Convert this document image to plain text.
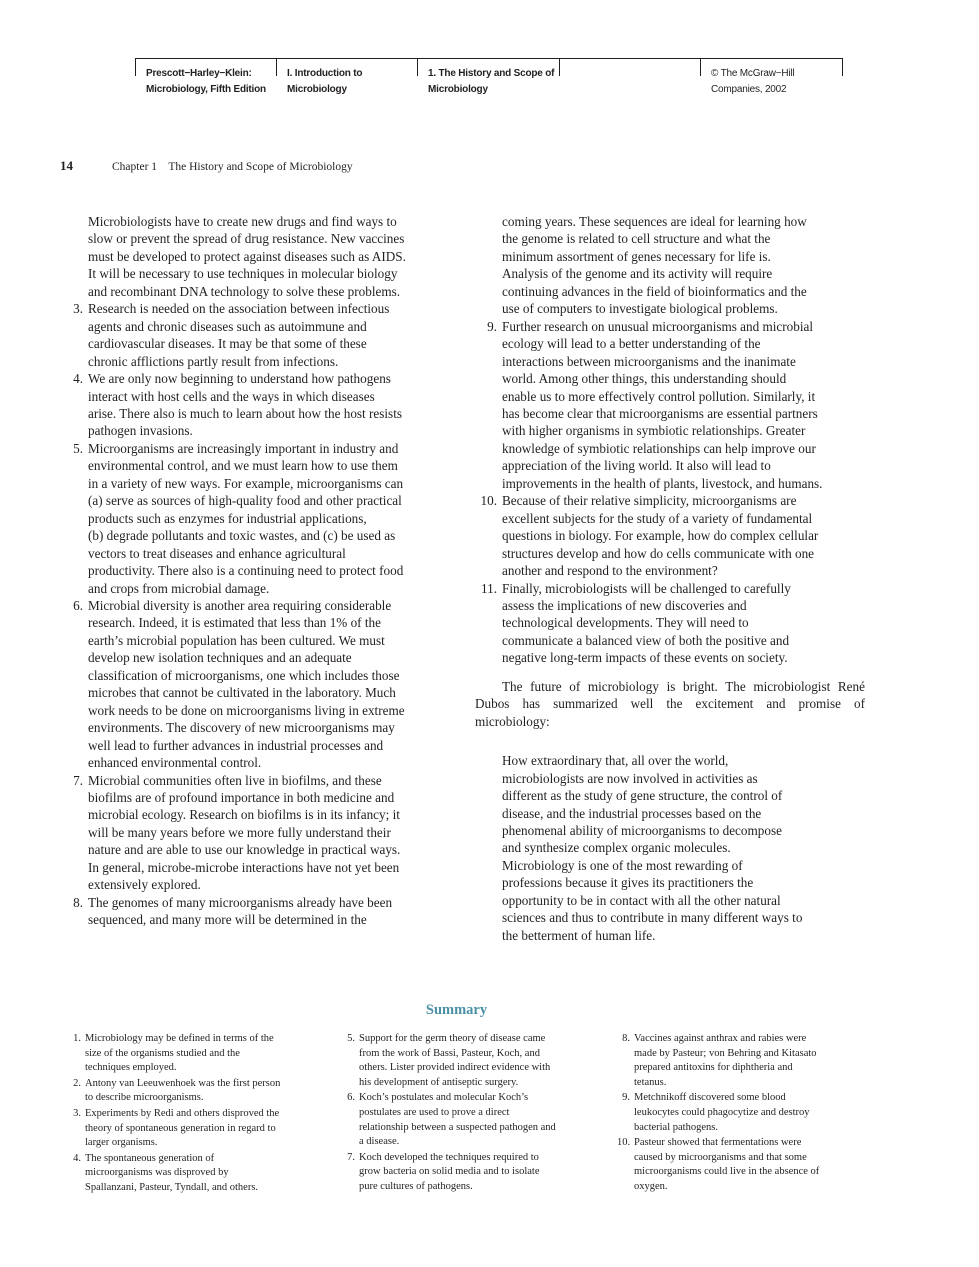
Prescott−Harley−Klein:
Microbiology, Fifth Edition
I. Introduction to
Microbiology
1. The History and Scope of
Microbiology
© The McGraw−Hill
Companies, 2002
14	Chapter 1    The History and Scope of Microbiology
Microbiologists have to create new drugs and find ways to
slow or prevent the spread of drug resistance. New vaccines
must be developed to protect against diseases such as AIDS.
It will be necessary to use techniques in molecular biology
and recombinant DNA technology to solve these problems.
3. Research is needed on the association between infectious
agents and chronic diseases such as autoimmune and
cardiovascular diseases. It may be that some of these
chronic afflictions partly result from infections.
4. We are only now beginning to understand how pathogens
interact with host cells and the ways in which diseases
arise. There also is much to learn about how the host resists
pathogen invasions.
5. Microorganisms are increasingly important in industry and
environmental control, and we must learn how to use them
in a variety of new ways. For example, microorganisms can
(a) serve as sources of high-quality food and other practical
products such as enzymes for industrial applications,
(b) degrade pollutants and toxic wastes, and (c) be used as
vectors to treat diseases and enhance agricultural
productivity. There also is a continuing need to protect food
and crops from microbial damage.
6. Microbial diversity is another area requiring considerable
research. Indeed, it is estimated that less than 1% of the
earth’s microbial population has been cultured. We must
develop new isolation techniques and an adequate
classification of microorganisms, one which includes those
microbes that cannot be cultivated in the laboratory. Much
work needs to be done on microorganisms living in extreme
environments. The discovery of new microorganisms may
well lead to further advances in industrial processes and
enhanced environmental control.
7. Microbial communities often live in biofilms, and these
biofilms are of profound importance in both medicine and
microbial ecology. Research on biofilms is in its infancy; it
will be many years before we more fully understand their
nature and are able to use our knowledge in practical ways.
In general, microbe-microbe interactions have not yet been
extensively explored.
8. The genomes of many microorganisms already have been
sequenced, and many more will be determined in the
coming years. These sequences are ideal for learning how
the genome is related to cell structure and what the
minimum assortment of genes necessary for life is.
Analysis of the genome and its activity will require
continuing advances in the field of bioinformatics and the
use of computers to investigate biological problems.
9. Further research on unusual microorganisms and microbial
ecology will lead to a better understanding of the
interactions between microorganisms and the inanimate
world. Among other things, this understanding should
enable us to more effectively control pollution. Similarly, it
has become clear that microorganisms are essential partners
with higher organisms in symbiotic relationships. Greater
knowledge of symbiotic relationships can help improve our
appreciation of the living world. It also will lead to
improvements in the health of plants, livestock, and humans.
10. Because of their relative simplicity, microorganisms are
excellent subjects for the study of a variety of fundamental
questions in biology. For example, how do complex cellular
structures develop and how do cells communicate with one
another and respond to the environment?
11. Finally, microbiologists will be challenged to carefully
assess the implications of new discoveries and
technological developments. They will need to
communicate a balanced view of both the positive and
negative long-term impacts of these events on society.

The future of microbiology is bright. The microbiologist René Dubos has summarized well the excitement and promise of microbiology:

How extraordinary that, all over the world,
microbiologists are now involved in activities as
different as the study of gene structure, the control of
disease, and the industrial processes based on the
phenomenal ability of microorganisms to decompose
and synthesize complex organic molecules.
Microbiology is one of the most rewarding of
professions because it gives its practitioners the
opportunity to be in contact with all the other natural
sciences and thus to contribute in many different ways to
the betterment of human life.
Summary
1. Microbiology may be defined in terms of the
size of the organisms studied and the
techniques employed.
2. Antony van Leeuwenhoek was the first person
to describe microorganisms.
3. Experiments by Redi and others disproved the
theory of spontaneous generation in regard to
larger organisms.
4. The spontaneous generation of
microorganisms was disproved by
Spallanzani, Pasteur, Tyndall, and others.
5. Support for the germ theory of disease came
from the work of Bassi, Pasteur, Koch, and
others. Lister provided indirect evidence with
his development of antiseptic surgery.
6. Koch’s postulates and molecular Koch’s
postulates are used to prove a direct
relationship between a suspected pathogen and
a disease.
7. Koch developed the techniques required to
grow bacteria on solid media and to isolate
pure cultures of pathogens.
8. Vaccines against anthrax and rabies were
made by Pasteur; von Behring and Kitasato
prepared antitoxins for diphtheria and
tetanus.
9. Metchnikoff discovered some blood
leukocytes could phagocytize and destroy
bacterial pathogens.
10. Pasteur showed that fermentations were
caused by microorganisms and that some
microorganisms could live in the absence of
oxygen.
